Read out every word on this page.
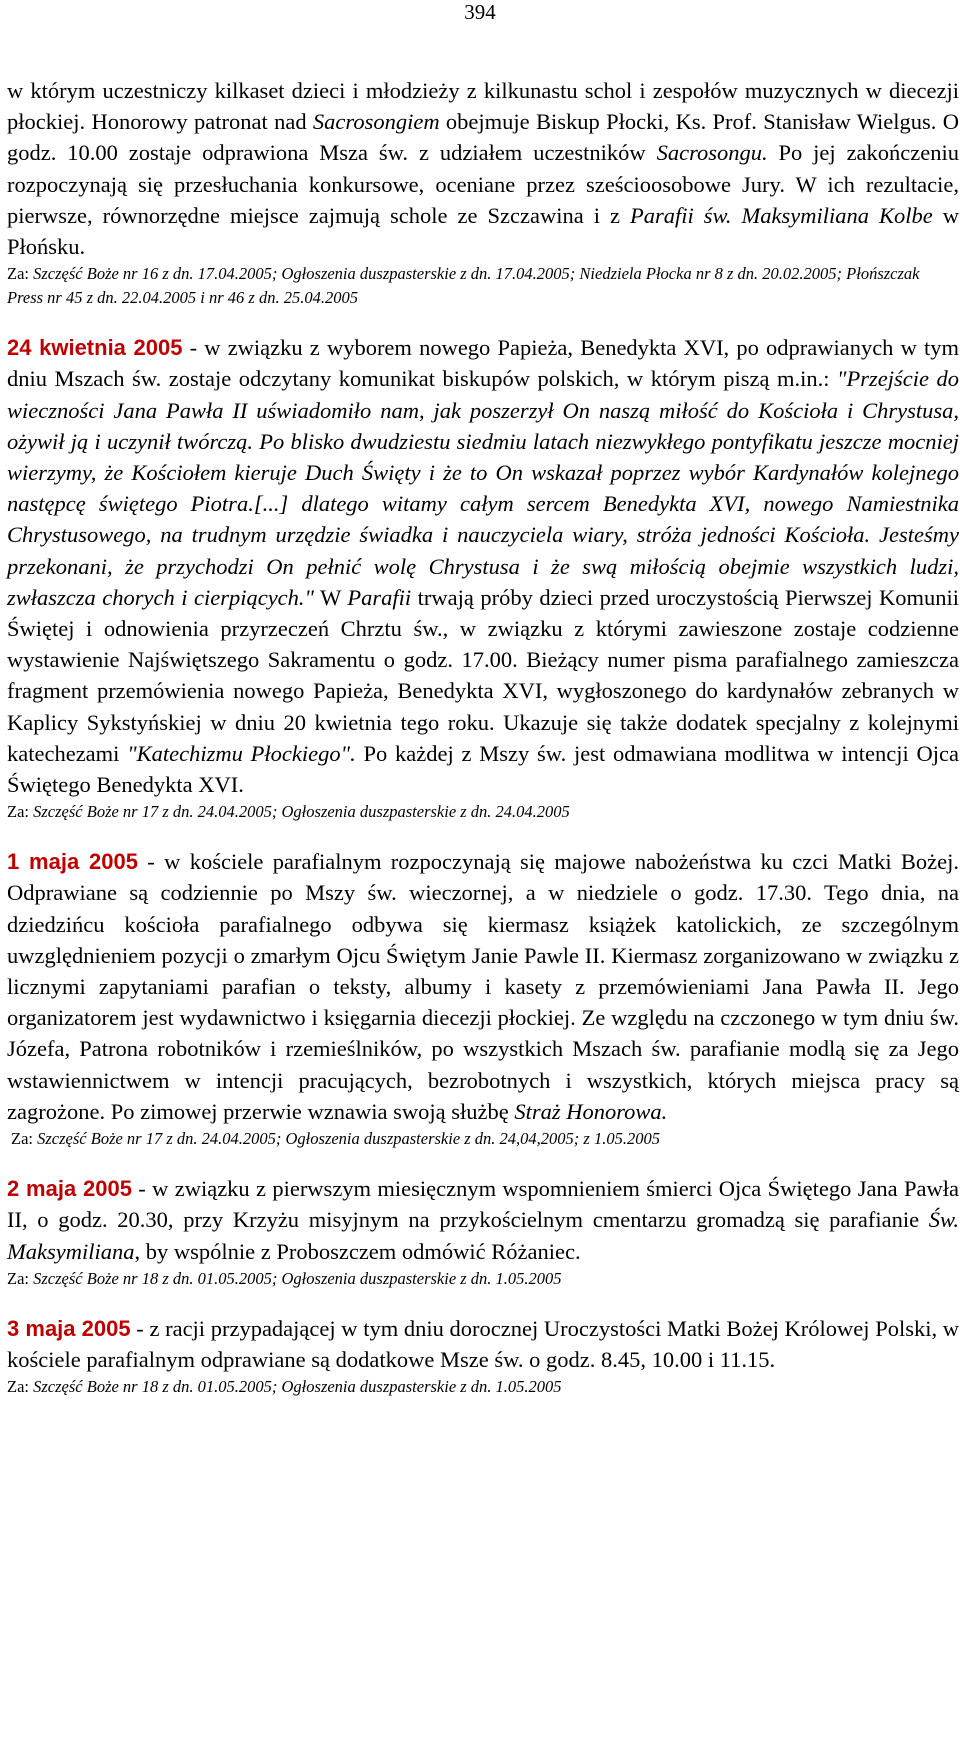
394

w którym uczestniczy kilkaset dzieci i młodzieży z kilkunastu schol i zespołów muzycznych w diecezji płockiej. Honorowy patronat nad Sacrosongiem obejmuje Biskup Płocki, Ks. Prof. Stanisław Wielgus. O godz. 10.00 zostaje odprawiona Msza św. z udziałem uczestników Sacrosongu. Po jej zakończeniu rozpoczynają się przesłuchania konkursowe, oceniane przez sześcioosobowe Jury. W ich rezultacie, pierwsze, równorzędne miejsce zajmują schole ze Szczawina i z Parafii św. Maksymiliana Kolbe w Płońsku.

Za: Szczęść Boże nr 16 z dn. 17.04.2005; Ogłoszenia duszpasterskie z dn. 17.04.2005; Niedziela Płocka nr 8 z dn. 20.02.2005; Płońszczak Press nr 45 z dn. 22.04.2005 i nr 46 z dn. 25.04.2005

24 kwietnia 2005 - w związku z wyborem nowego Papieża, Benedykta XVI, po odprawianych w tym dniu Mszach św. zostaje odczytany komunikat biskupów polskich, w którym piszą m.in.: "Przejście do wieczności Jana Pawła II uświadomiło nam, jak poszerzył On naszą miłość do Kościoła i Chrystusa, ożywił ją i uczynił twórczą. Po blisko dwudziestu siedmiu latach niezwykłego pontyfikatu jeszcze mocniej wierzymy, że Kościołem kieruje Duch Święty i że to On wskazał poprzez wybór Kardynałów kolejnego następcę świętego Piotra.[...] dlatego witamy całym sercem Benedykta XVI, nowego Namiestnika Chrystusowego, na trudnym urzędzie świadka i nauczyciela wiary, stróża jedności Kościoła. Jesteśmy przekonani, że przychodzi On pełnić wolę Chrystusa i że swą miłością obejmie wszystkich ludzi, zwłaszcza chorych i cierpiących." W Parafii trwają próby dzieci przed uroczystością Pierwszej Komunii Świętej i odnowienia przyrzeczeń Chrztu św., w związku z którymi zawieszone zostaje codzienne wystawienie Najświętszego Sakramentu o godz. 17.00. Bieżący numer pisma parafialnego zamieszcza fragment przemówienia nowego Papieża, Benedykta XVI, wygłoszonego do kardynałów zebranych w Kaplicy Sykstyńskiej w dniu 20 kwietnia tego roku. Ukazuje się także dodatek specjalny z kolejnymi katechezami "Katechizmu Płockiego". Po każdej z Mszy św. jest odmawiana modlitwa w intencji Ojca Świętego Benedykta XVI.

Za: Szczęść Boże nr 17 z dn. 24.04.2005; Ogłoszenia duszpasterskie z dn. 24.04.2005

1 maja 2005 - w kościele parafialnym rozpoczynają się majowe nabożeństwa ku czci Matki Bożej. Odprawiane są codziennie po Mszy św. wieczornej, a w niedziele o godz. 17.30. Tego dnia, na dziedzińcu kościoła parafialnego odbywa się kiermasz książek katolickich, ze szczególnym uwzględnieniem pozycji o zmarłym Ojcu Świętym Janie Pawle II. Kiermasz zorganizowano w związku z licznymi zapytaniami parafian o teksty, albumy i kasety z przemówieniami Jana Pawła II. Jego organizatorem jest wydawnictwo i księgarnia diecezji płockiej. Ze względu na czczonego w tym dniu św. Józefa, Patrona robotników i rzemieślników, po wszystkich Mszach św. parafianie modlą się za Jego wstawiennictwem w intencji pracujących, bezrobotnych i wszystkich, których miejsca pracy są zagrożone. Po zimowej przerwie wznawia swoją służbę Straż Honorowa.

Za: Szczęść Boże nr 17 z dn. 24.04.2005; Ogłoszenia duszpasterskie z dn. 24,04,2005; z 1.05.2005

2 maja 2005 - w związku z pierwszym miesięcznym wspomnieniem śmierci Ojca Świętego Jana Pawła II, o godz. 20.30, przy Krzyżu misyjnym na przykościelnym cmentarzu gromadzą się parafianie Św. Maksymiliana, by wspólnie z Proboszczem odmówić Różaniec.

Za: Szczęść Boże nr 18 z dn. 01.05.2005; Ogłoszenia duszpasterskie z dn. 1.05.2005

3 maja 2005 - z racji przypadającej w tym dniu dorocznej Uroczystości Matki Bożej Królowej Polski, w kościele parafialnym odprawiane są dodatkowe Msze św. o godz. 8.45, 10.00 i 11.15.

Za: Szczęść Boże nr 18 z dn. 01.05.2005; Ogłoszenia duszpasterskie z dn. 1.05.2005
